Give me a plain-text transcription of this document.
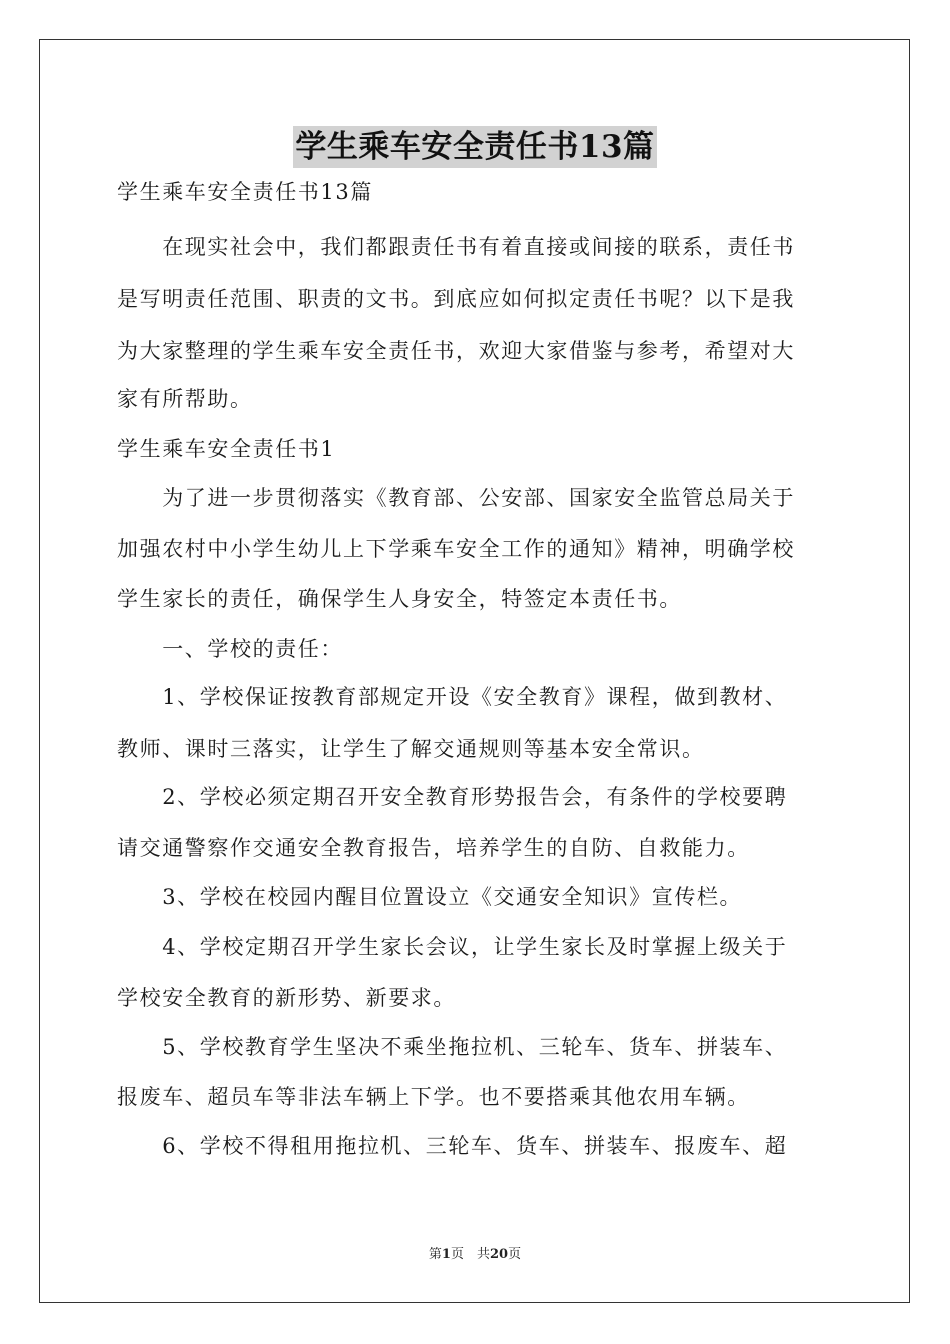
学生乘车安全责任书13篇
学生乘车安全责任书13篇
　　在现实社会中，我们都跟责任书有着直接或间接的联系，责任书
是写明责任范围、职责的文书。到底应如何拟定责任书呢？以下是我
为大家整理的学生乘车安全责任书，欢迎大家借鉴与参考，希望对大
家有所帮助。
学生乘车安全责任书1
　　为了进一步贯彻落实《教育部、公安部、国家安全监管总局关于
加强农村中小学生幼儿上下学乘车安全工作的通知》精神，明确学校
学生家长的责任，确保学生人身安全，特签定本责任书。
　　一、学校的责任：
　　1、学校保证按教育部规定开设《安全教育》课程，做到教材、
教师、课时三落实，让学生了解交通规则等基本安全常识。
　　2、学校必须定期召开安全教育形势报告会，有条件的学校要聘
请交通警察作交通安全教育报告，培养学生的自防、自救能力。
　　3、学校在校园内醒目位置设立《交通安全知识》宣传栏。
　　4、学校定期召开学生家长会议，让学生家长及时掌握上级关于
学校安全教育的新形势、新要求。
　　5、学校教育学生坚决不乘坐拖拉机、三轮车、货车、拼装车、
报废车、超员车等非法车辆上下学。也不要搭乘其他农用车辆。
　　6、学校不得租用拖拉机、三轮车、货车、拼装车、报废车、超
第1页　共20页
